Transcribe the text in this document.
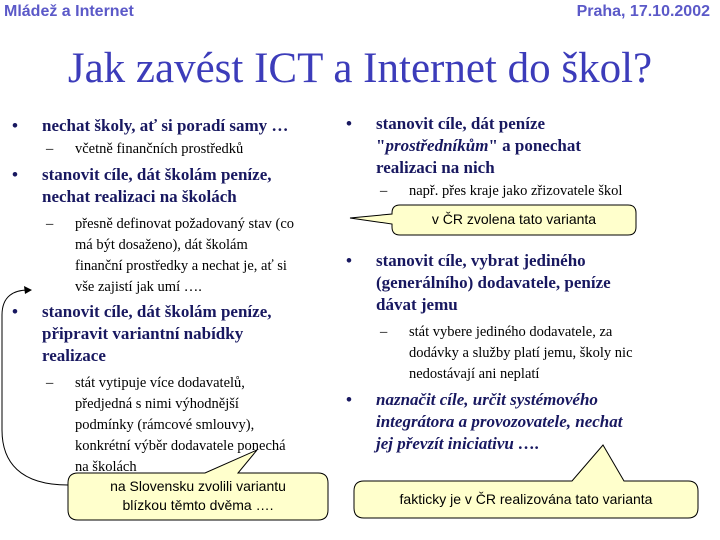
Mládež a Internet	Praha, 17.10.2002
Jak zavést ICT a Internet do škol?

• nechat školy, ať si poradí samy …

– včetně finančních prostředků

• stanovit cíle, dát školám peníze,
nechat realizaci na školách

– přesně definovat požadovaný stav (co
má být dosaženo), dát školám
finanční prostředky a nechat je, ať si
vše zajistí jak umí ….

• stanovit cíle, dát školám peníze,
připravit variantní nabídky
realizace

– stát vytipuje více dodavatelů,
předjedná s nimi výhodnější
podmínky (rámcové smlouvy),
konkrétní výběr dodavatele ponechá
na školách

• stanovit cíle, dát peníze
"prostředníkům" a ponechat
realizaci na nich

– např. přes kraje jako zřizovatele škol

• stanovit cíle, vybrat jediného
(generálního) dodavatele, peníze
dávat jemu

– stát vybere jediného dodavatele, za
dodávky a služby platí jemu, školy nic
nedostávají ani neplatí

• naznačit cíle, určit systémového
integrátora a provozovatele, nechat
jej převzít iniciativu ….

v ČR zvolena tato varianta
na Slovensku zvolili variantu
blízkou těmto dvěma ….	fakticky je v ČR realizována tato varianta
